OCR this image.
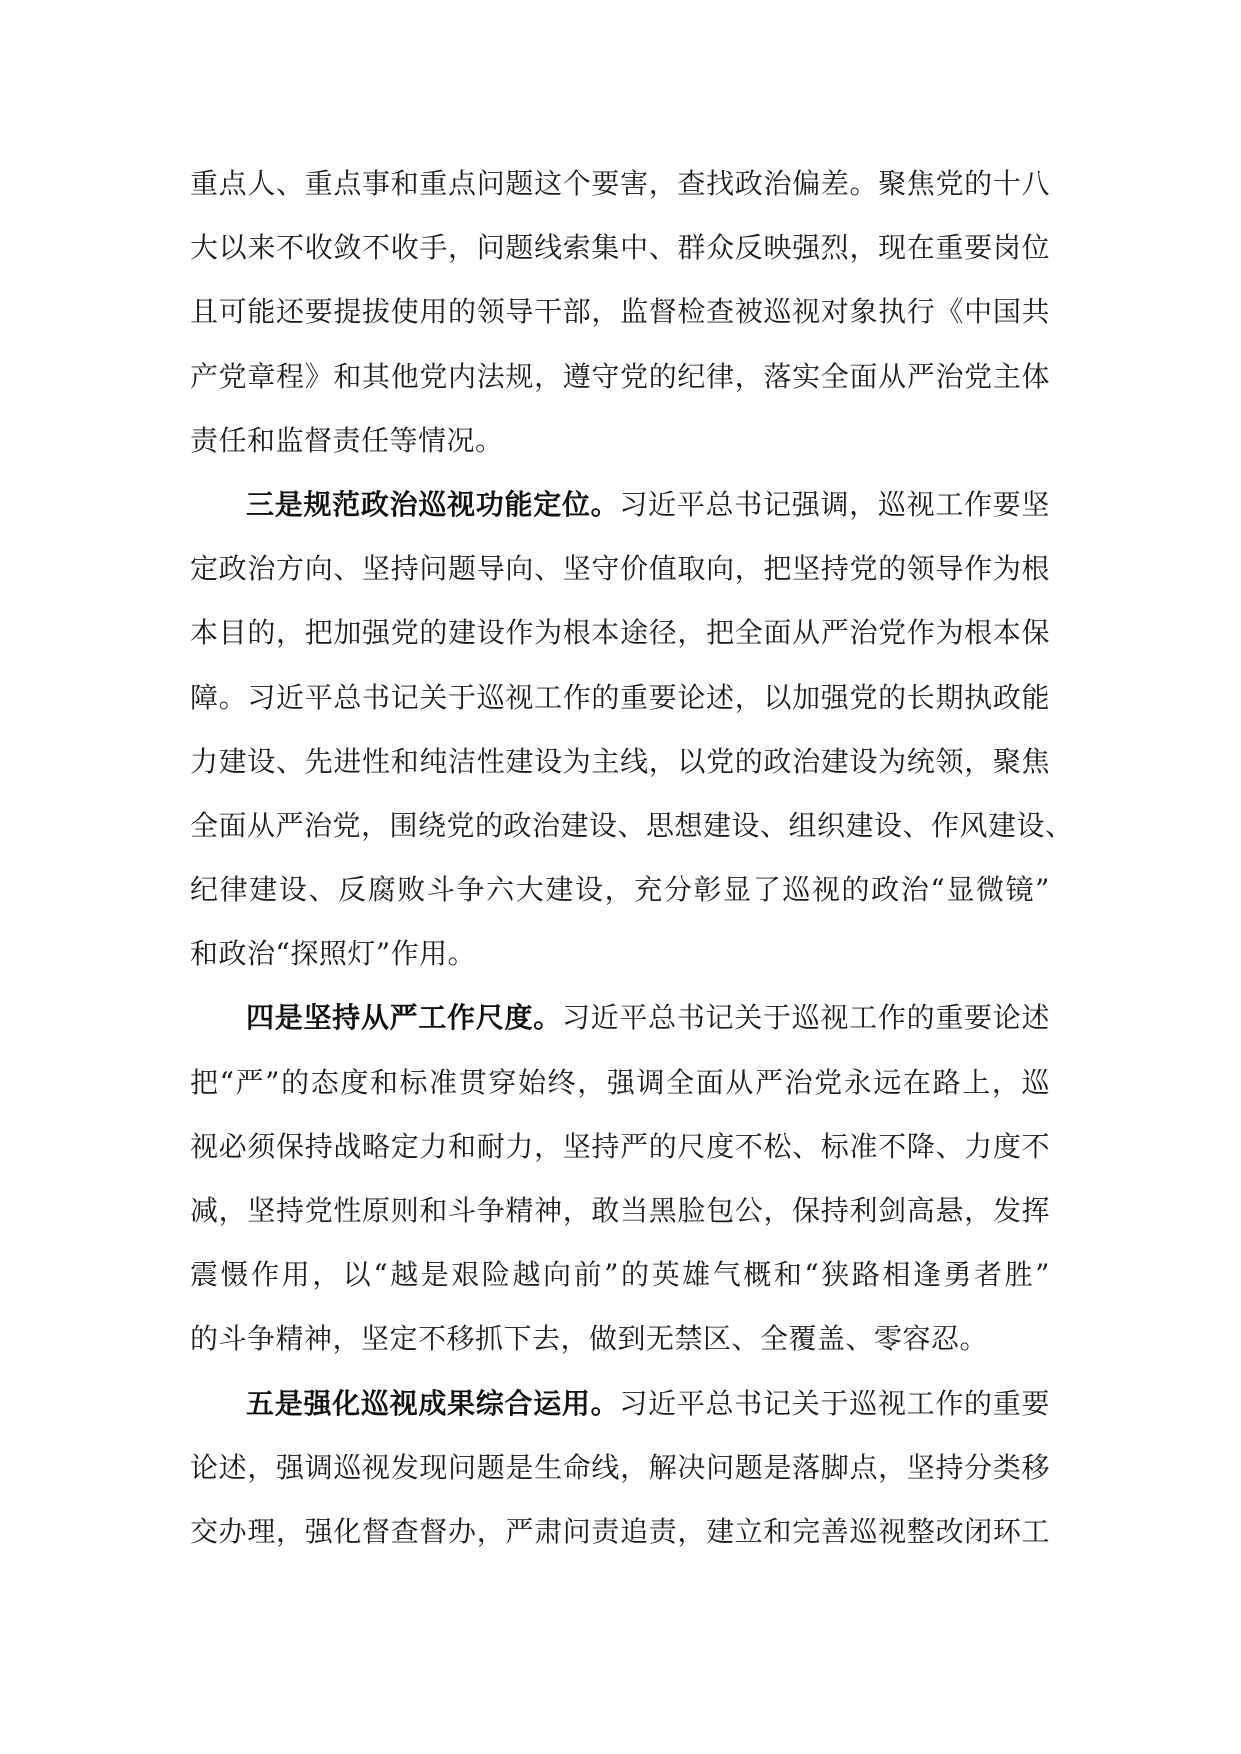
重点人、重点事和重点问题这个要害，查找政治偏差。聚焦党的十八
大以来不收敛不收手，问题线索集中、群众反映强烈，现在重要岗位
且可能还要提拔使用的领导干部，监督检查被巡视对象执行《中国共
产党章程》和其他党内法规，遵守党的纪律，落实全面从严治党主体
责任和监督责任等情况。
三是规范政治巡视功能定位。习近平总书记强调，巡视工作要坚
定政治方向、坚持问题导向、坚守价值取向，把坚持党的领导作为根
本目的，把加强党的建设作为根本途径，把全面从严治党作为根本保
障。习近平总书记关于巡视工作的重要论述，以加强党的长期执政能
力建设、先进性和纯洁性建设为主线，以党的政治建设为统领，聚焦
全面从严治党，围绕党的政治建设、思想建设、组织建设、作风建设、
纪律建设、反腐败斗争六大建设，充分彰显了巡视的政治“显微镜”
和政治“探照灯”作用。
四是坚持从严工作尺度。习近平总书记关于巡视工作的重要论述
把“严”的态度和标准贯穿始终，强调全面从严治党永远在路上，巡
视必须保持战略定力和耐力，坚持严的尺度不松、标准不降、力度不
减，坚持党性原则和斗争精神，敢当黑脸包公，保持利剑高悬，发挥
震慑作用，以“越是艰险越向前”的英雄气概和“狭路相逢勇者胜”
的斗争精神，坚定不移抓下去，做到无禁区、全覆盖、零容忍。
五是强化巡视成果综合运用。习近平总书记关于巡视工作的重要
论述，强调巡视发现问题是生命线，解决问题是落脚点，坚持分类移
交办理，强化督查督办，严肃问责追责，建立和完善巡视整改闭环工
